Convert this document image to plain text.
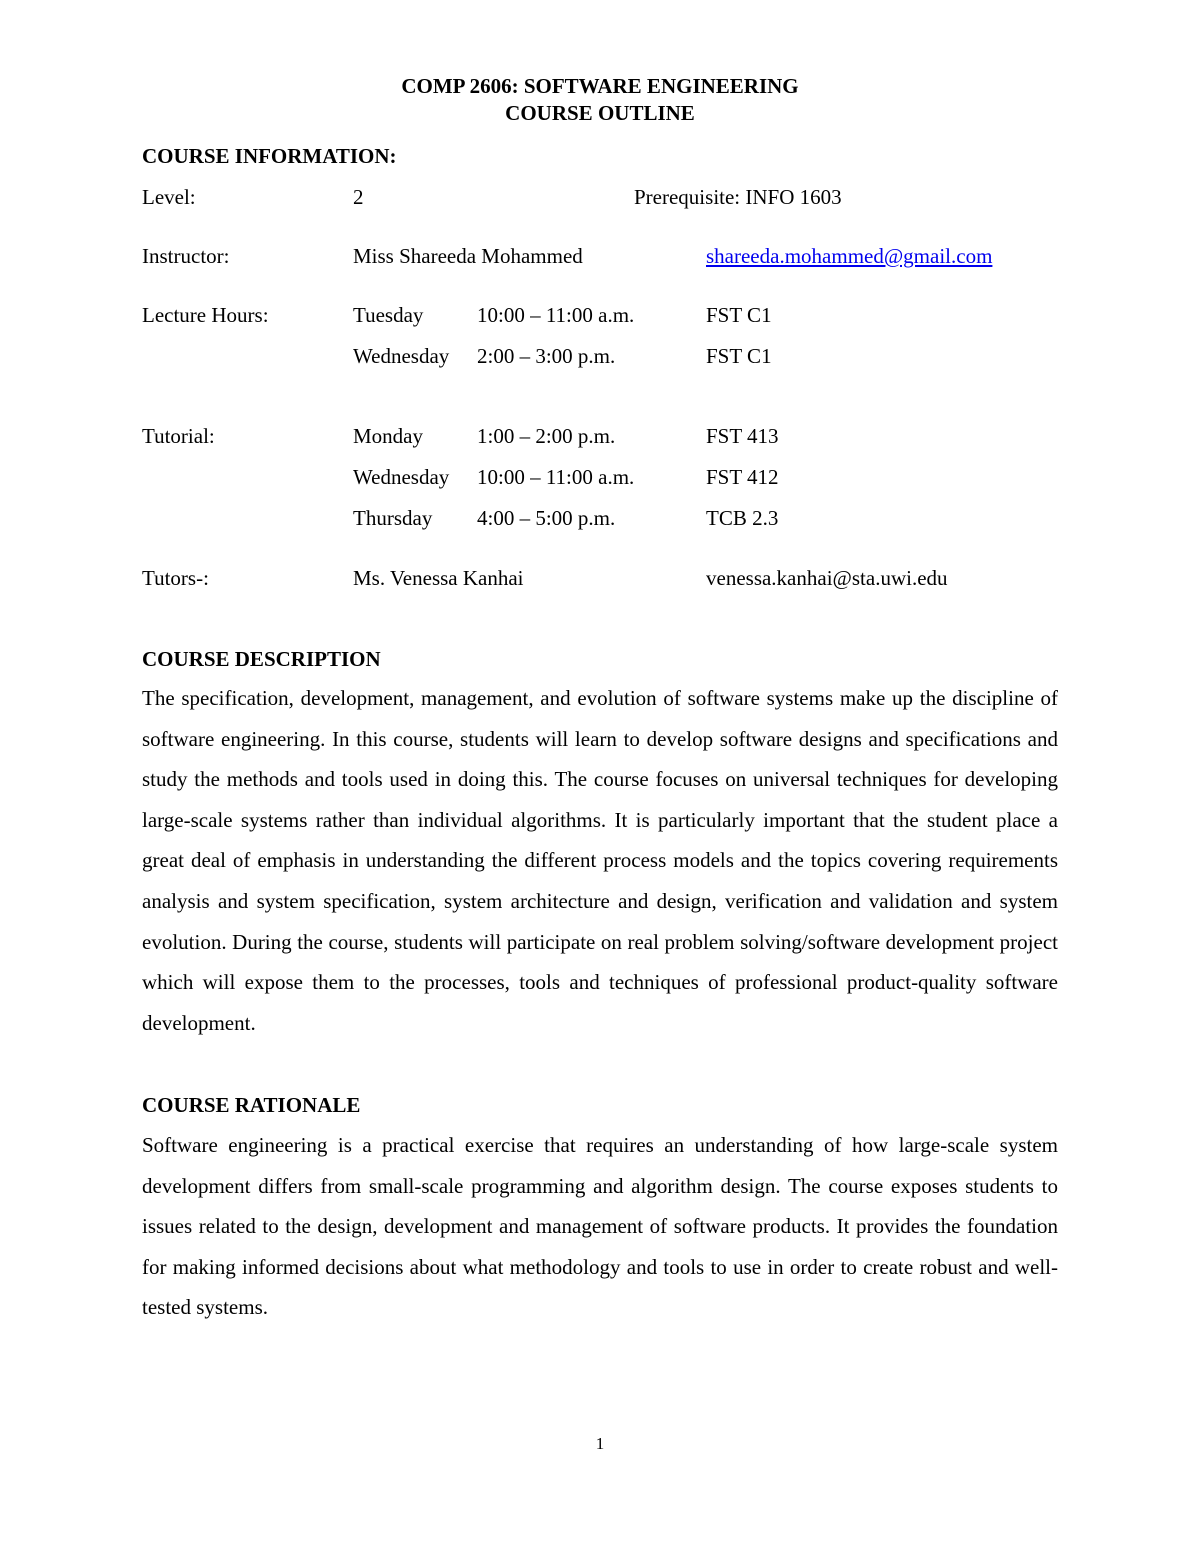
COMP 2606: SOFTWARE ENGINEERING
COURSE OUTLINE
COURSE INFORMATION:
Level:	2	Prerequisite: INFO 1603
Instructor:	Miss Shareeda Mohammed	shareeda.mohammed@gmail.com
Lecture Hours:	Tuesday	10:00 – 11:00 a.m.	FST C1
Wednesday 2:00 – 3:00 p.m.	FST C1
Tutorial:	Monday	1:00 – 2:00 p.m.	FST 413
Wednesday 10:00 – 11:00 a.m.	FST 412
Thursday 4:00 – 5:00 p.m.	TCB 2.3
Tutors-:	Ms. Venessa Kanhai	venessa.kanhai@sta.uwi.edu
COURSE DESCRIPTION

The specification, development, management, and evolution of software systems make up the discipline of software engineering. In this course, students will learn to develop software designs and specifications and study the methods and tools used in doing this. The course focuses on universal techniques for developing large-scale systems rather than individual algorithms. It is particularly important that the student place a great deal of emphasis in understanding the different process models and the topics covering requirements analysis and system specification, system architecture and design, verification and validation and system evolution. During the course, students will participate on real problem solving/software development project which will expose them to the processes, tools and techniques of professional product-quality software development.

COURSE RATIONALE

Software engineering is a practical exercise that requires an understanding of how large-scale system development differs from small-scale programming and algorithm design. The course exposes students to issues related to the design, development and management of software products. It provides the foundation for making informed decisions about what methodology and tools to use in order to create robust and well-tested systems.

1
